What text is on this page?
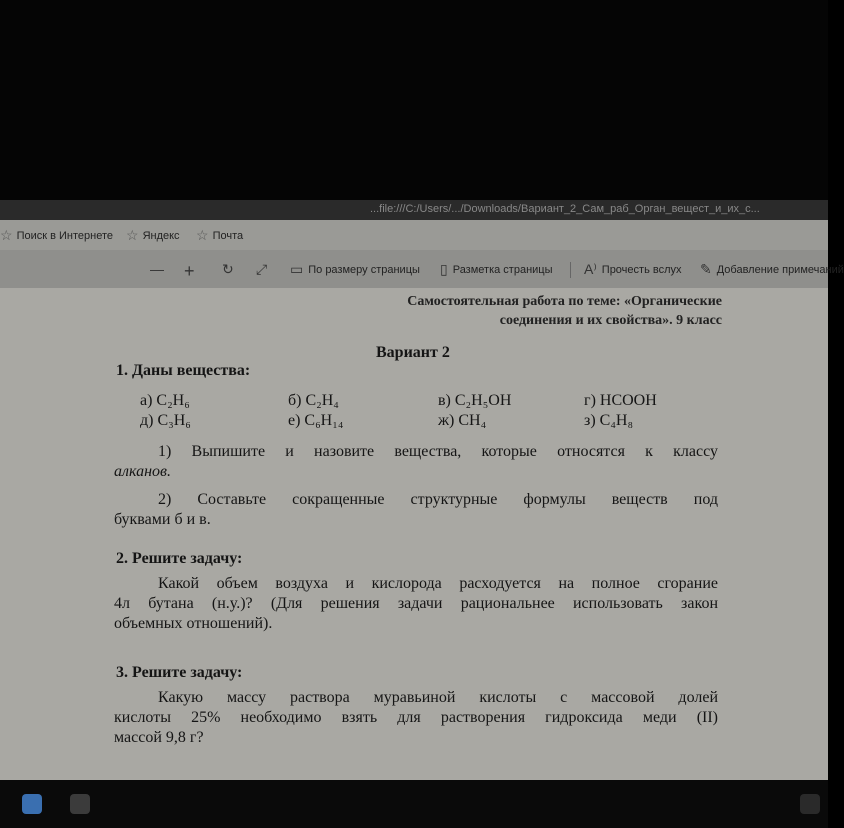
...file:///C:/Users/.../Downloads/Вариант_2_Сам_раб_Орган_вещест_и_их_с...
☆ Поиск в Интернете ☆ Яндекс ☆ Почта
— + ↻ ⤢ ▭ По размеру страницы ▯ Разметка страницы A⁾ Прочесть вслух ✎ Добавление примечаний
Самостоятельная работа по теме: «Органические
соединения и их свойства». 9 класс
Вариант 2
1. Даны вещества:
а) C₂H₆	б) C₂H₄	в) C₂H₅OH	г) HCOOH
д) C₃H₆	е) C₆H₁₄	ж) CH₄	з) C₄H₈
1) Выпишите и назовите вещества, которые относятся к классу
алканов.
2) Составьте сокращенные структурные формулы веществ под
буквами б и в.
2. Решите задачу:
Какой объем воздуха и кислорода расходуется на полное сгорание
4л бутана (н.у.)? (Для решения задачи рациональнее использовать закон
объемных отношений).
3. Решите задачу:
Какую массу раствора муравьиной кислоты с массовой долей
кислоты 25% необходимо взять для растворения гидроксида меди (II)
массой 9,8 г?
